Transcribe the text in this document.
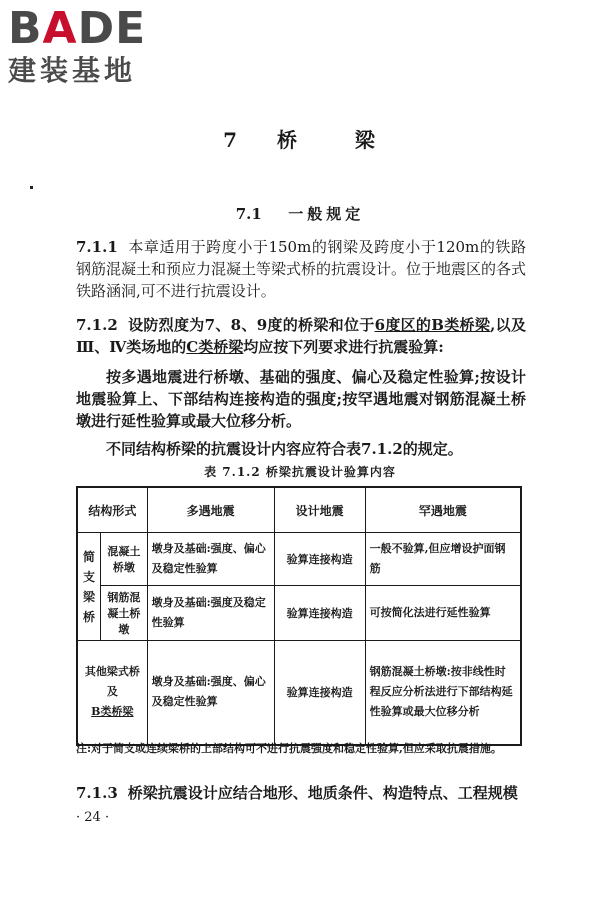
BADE
建装基地
7 桥	梁
7.1 一般规定
7.1.1 本章适用于跨度小于150m的钢梁及跨度小于120m的铁路钢筋混凝土和预应力混凝土等梁式桥的抗震设计。位于地震区的各式铁路涵洞,可不进行抗震设计。
7.1.2 设防烈度为7、8、9度的桥梁和位于6度区的B类桥梁,以及Ⅲ、Ⅳ类场地的C类桥梁均应按下列要求进行抗震验算:
按多遇地震进行桥墩、基础的强度、偏心及稳定性验算;按设计地震验算上、下部结构连接构造的强度;按罕遇地震对钢筋混凝土桥墩进行延性验算或最大位移分析。
不同结构桥梁的抗震设计内容应符合表7.1.2的规定。
表 7.1.2 桥梁抗震设计验算内容
结构形式		多遇地震	设计地震	罕遇地震
简支梁桥	混凝土桥墩	墩身及基础:强度、偏心及稳定性验算	验算连接构造	一般不验算,但应增设护面钢筋
	钢筋混凝土桥墩	墩身及基础:强度及稳定性验算	验算连接构造	可按简化法进行延性验算

其他梁式桥及
B类桥梁		墩身及基础:强度、偏心及稳定性验算	验算连接构造	钢筋混凝土桥墩:按非线性时程反应分析法进行下部结构延性验算或最大位移分析
注:对于简支或连续梁桥的上部结构可不进行抗震强度和稳定性验算,但应采取抗震措施。
7.1.3 桥梁抗震设计应结合地形、地质条件、构造特点、工程规模
· 24 ·
